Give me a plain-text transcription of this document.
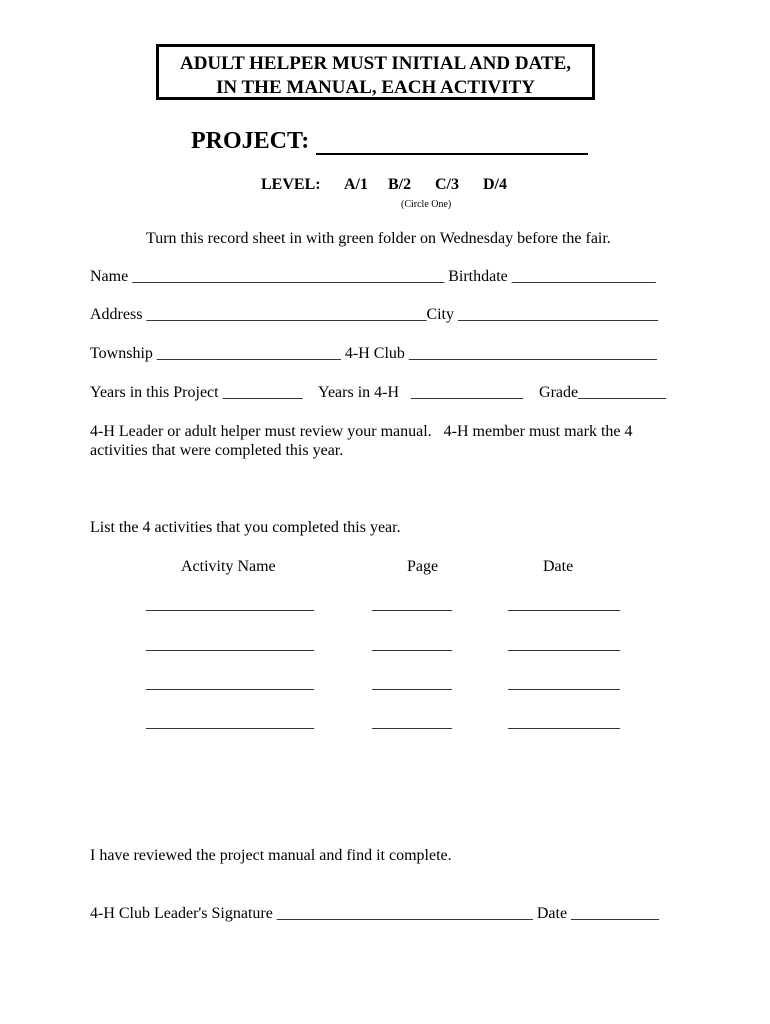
ADULT HELPER MUST INITIAL AND DATE,
IN THE MANUAL, EACH ACTIVITY
PROJECT:
LEVEL: A/1 B/2 C/3 D/4
(Circle One)
Turn this record sheet in with green folder on Wednesday before the fair.
Name _______________________________________ Birthdate __________________
Address ___________________________________City _________________________
Township _______________________ 4-H Club _______________________________
Years in this Project __________    Years in 4-H   ______________    Grade___________
4-H Leader or adult helper must review your manual.   4-H member must mark the 4
activities that were completed this year.
List the 4 activities that you completed this year.
Activity Name	Page	Date
_____________________	__________	______________
_____________________	__________	______________
_____________________	__________	______________
_____________________	__________	______________
I have reviewed the project manual and find it complete.
4-H Club Leader's Signature ________________________________ Date ___________
